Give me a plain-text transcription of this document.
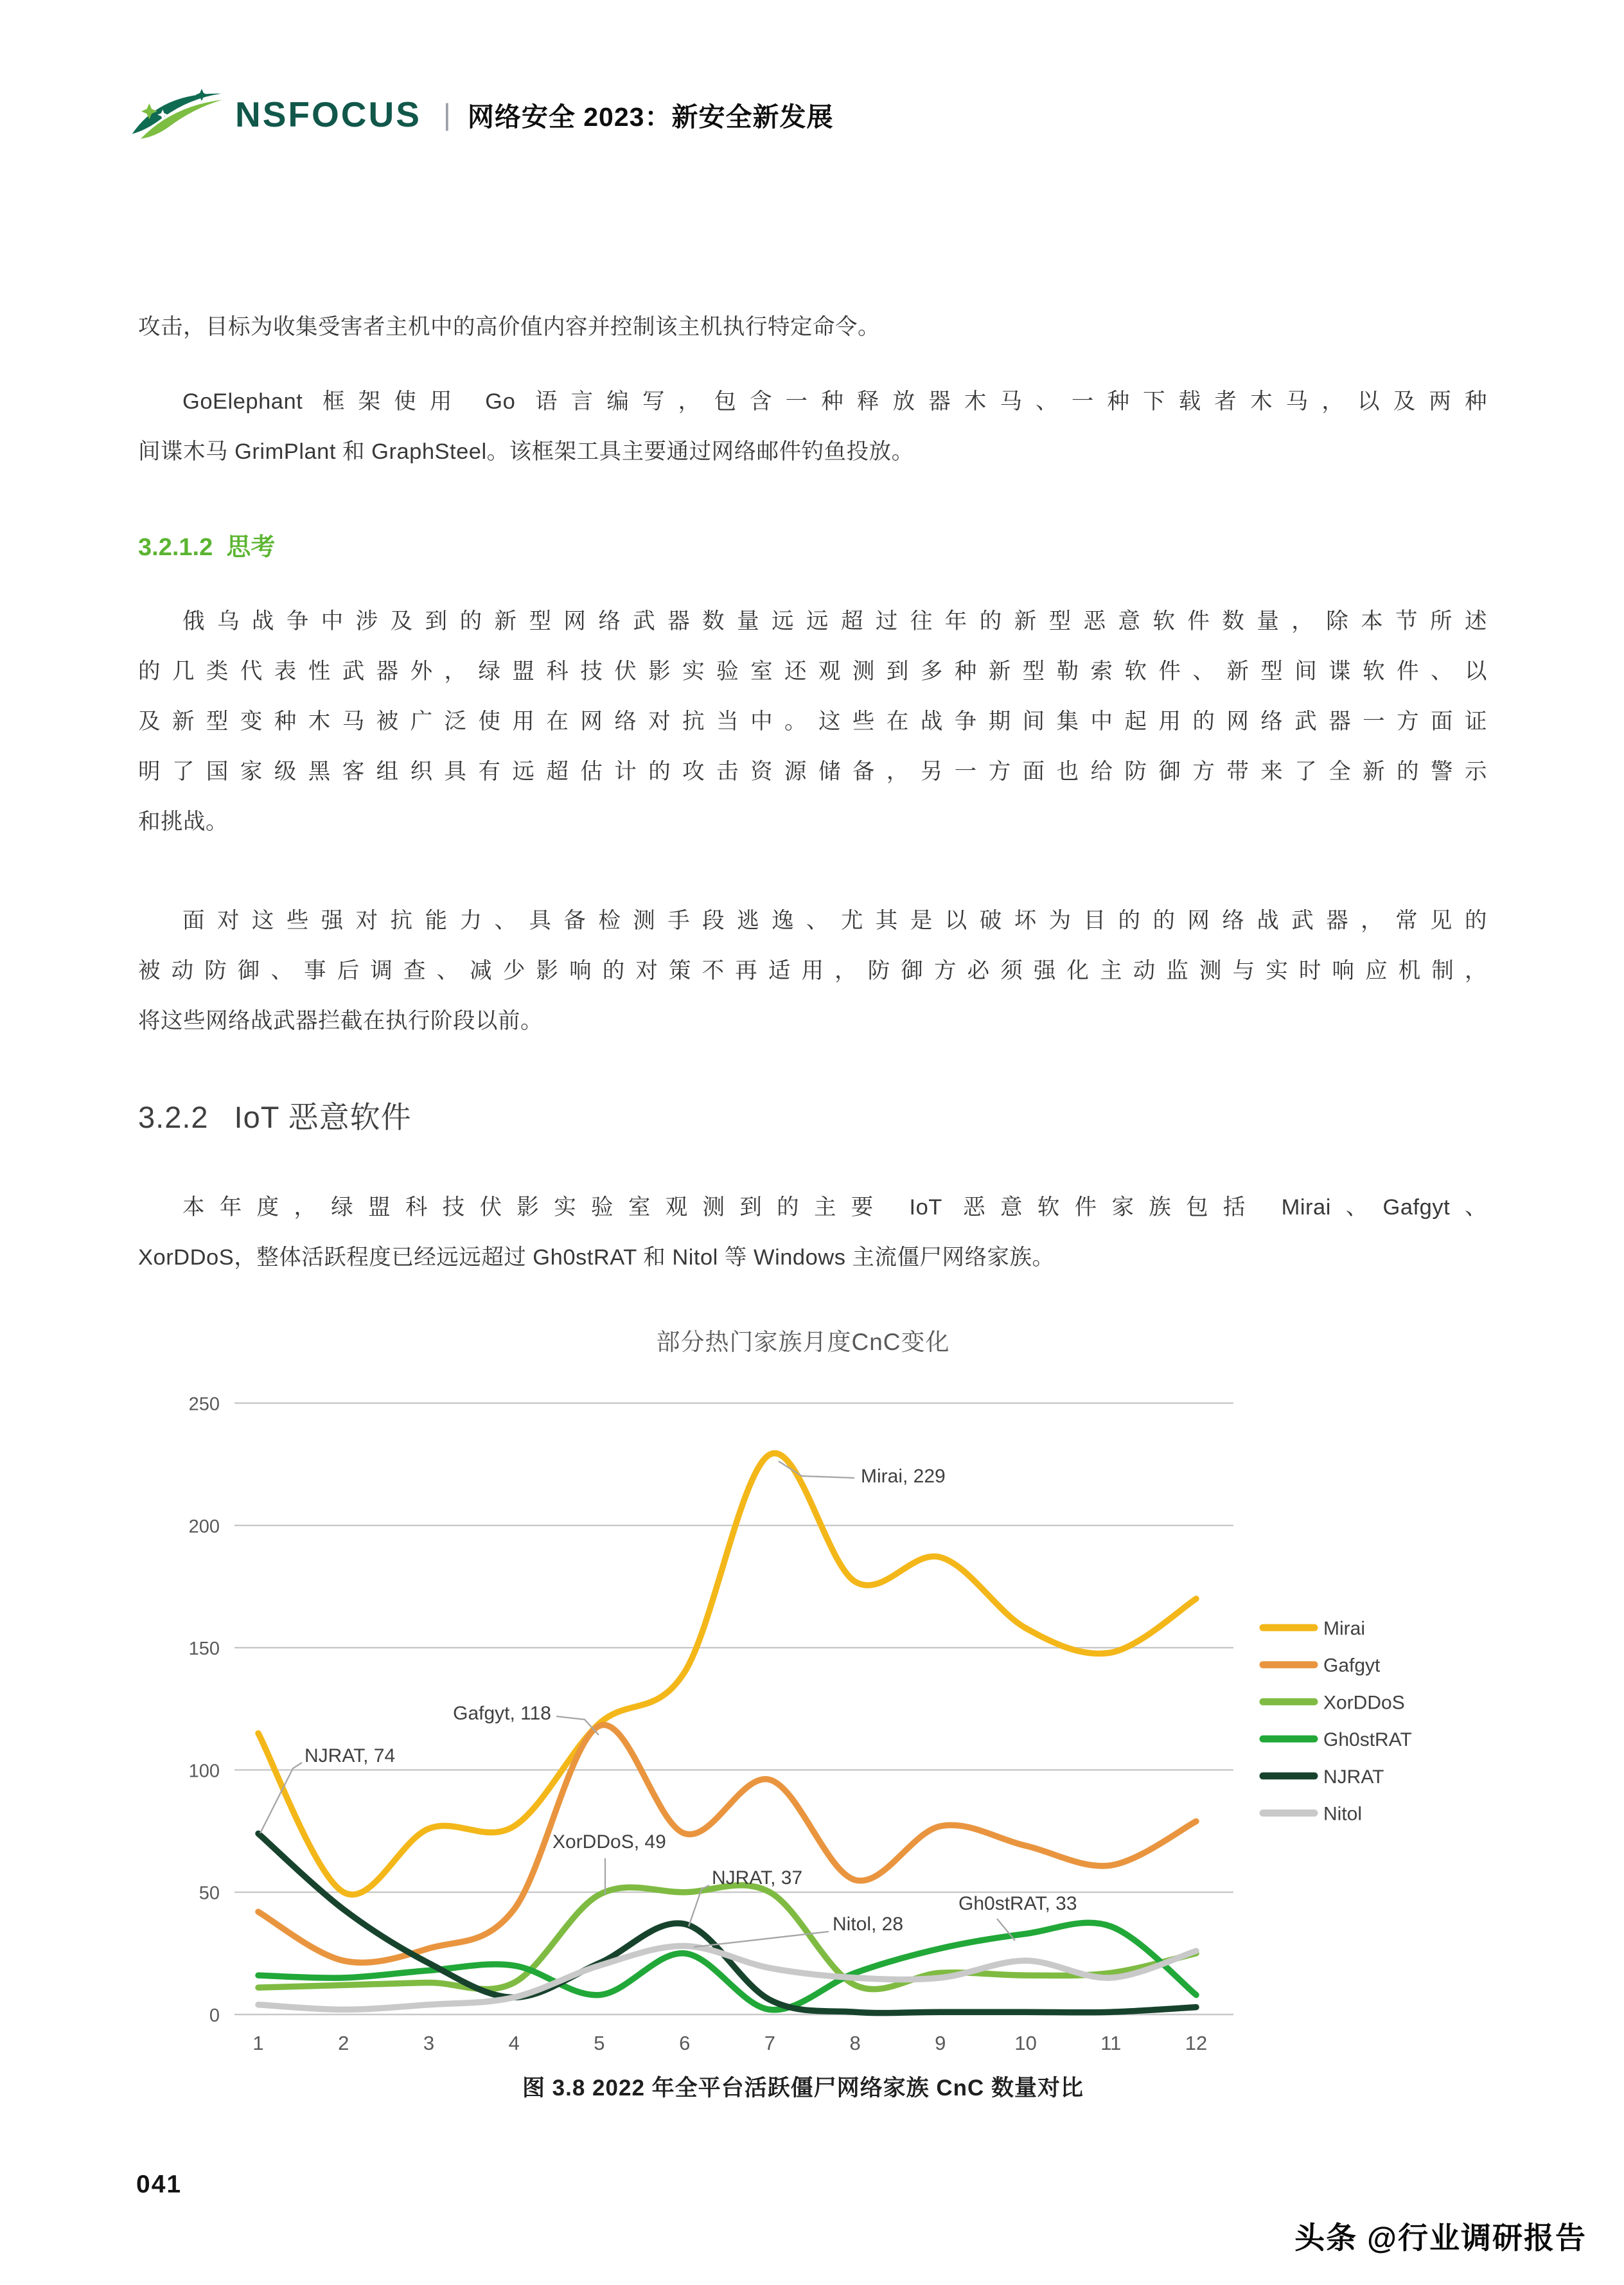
NSFOCUS | 网络安全 2023：新安全新发展
攻击，目标为收集受害者主机中的高价值内容并控制该主机执行特定命令。
GoElephant 框架使用 Go 语言编写，包含一种释放器木马、一种下载者木马，以及两种
间谍木马 GrimPlant 和 GraphSteel。该框架工具主要通过网络邮件钓鱼投放。
3.2.1.2 思考
俄乌战争中涉及到的新型网络武器数量远远超过往年的新型恶意软件数量，除本节所述
的几类代表性武器外，绿盟科技伏影实验室还观测到多种新型勒索软件、新型间谍软件、以
及新型变种木马被广泛使用在网络对抗当中。这些在战争期间集中起用的网络武器一方面证
明了国家级黑客组织具有远超估计的攻击资源储备，另一方面也给防御方带来了全新的警示
和挑战。
面对这些强对抗能力、具备检测手段逃逸、尤其是以破坏为目的的网络战武器，常见的
被动防御、事后调查、减少影响的对策不再适用，防御方必须强化主动监测与实时响应机制，
将这些网络战武器拦截在执行阶段以前。
3.2.2 IoT 恶意软件
本年度，绿盟科技伏影实验室观测到的主要 IoT 恶意软件家族包括 Mirai、Gafgyt、
XorDDoS，整体活跃程度已经远远超过 Gh0stRAT 和 Nitol 等 Windows 主流僵尸网络家族。
部分热门家族月度CnC变化
0
50
100
150
200
250
1	2	3	4	5	6	7	8	9	10	11	12
Mirai, 229
NJRAT, 74
Gafgyt, 118
XorDDoS, 49
NJRAT, 37
Nitol, 28
Gh0stRAT, 33
Mirai
Gafgyt
XorDDoS
Gh0stRAT
NJRAT
Nitol
图 3.8 2022 年全平台活跃僵尸网络家族 CnC 数量对比
041
头条 @行业调研报告
